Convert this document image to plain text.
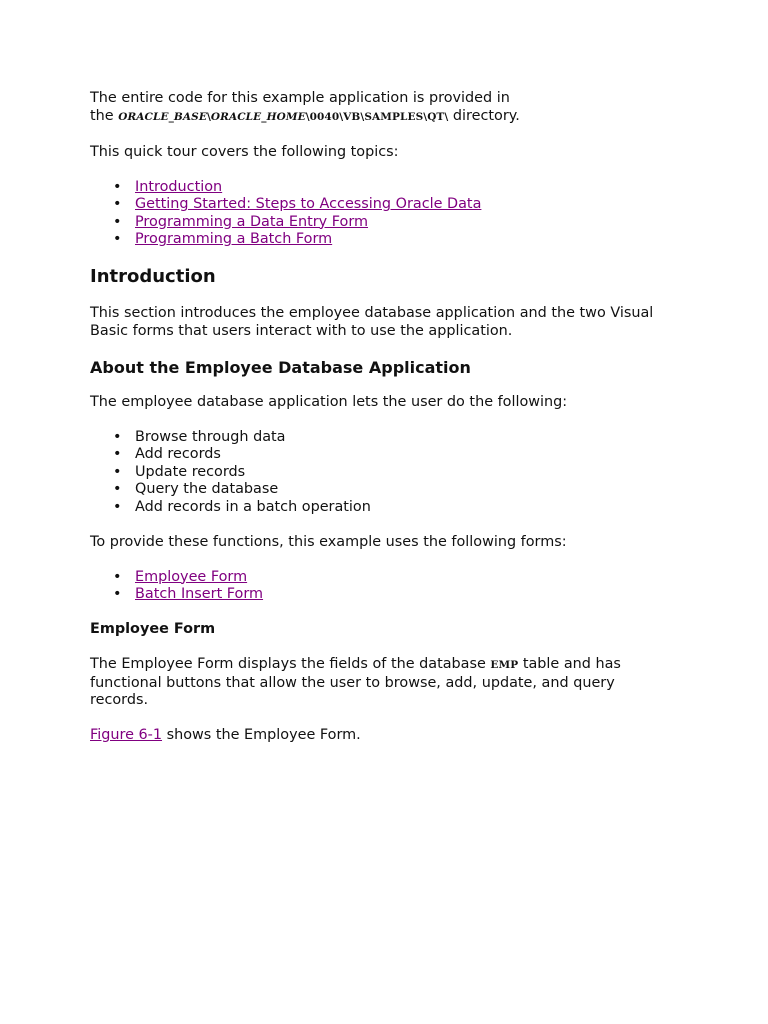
The entire code for this example application is provided in
the ORACLE_BASE\ORACLE_HOME\0040\VB\SAMPLES\QT\ directory.

This quick tour covers the following topics:

• Introduction
• Getting Started: Steps to Accessing Oracle Data
• Programming a Data Entry Form
• Programming a Batch Form
Introduction

This section introduces the employee database application and the two Visual Basic forms that users interact with to use the application.

About the Employee Database Application

The employee database application lets the user do the following:

• Browse through data
• Add records
• Update records
• Query the database
• Add records in a batch operation

To provide these functions, this example uses the following forms:

• Employee Form
• Batch Insert Form
Employee Form

The Employee Form displays the fields of the database EMP table and has functional buttons that allow the user to browse, add, update, and query records.

Figure 6-1 shows the Employee Form.
